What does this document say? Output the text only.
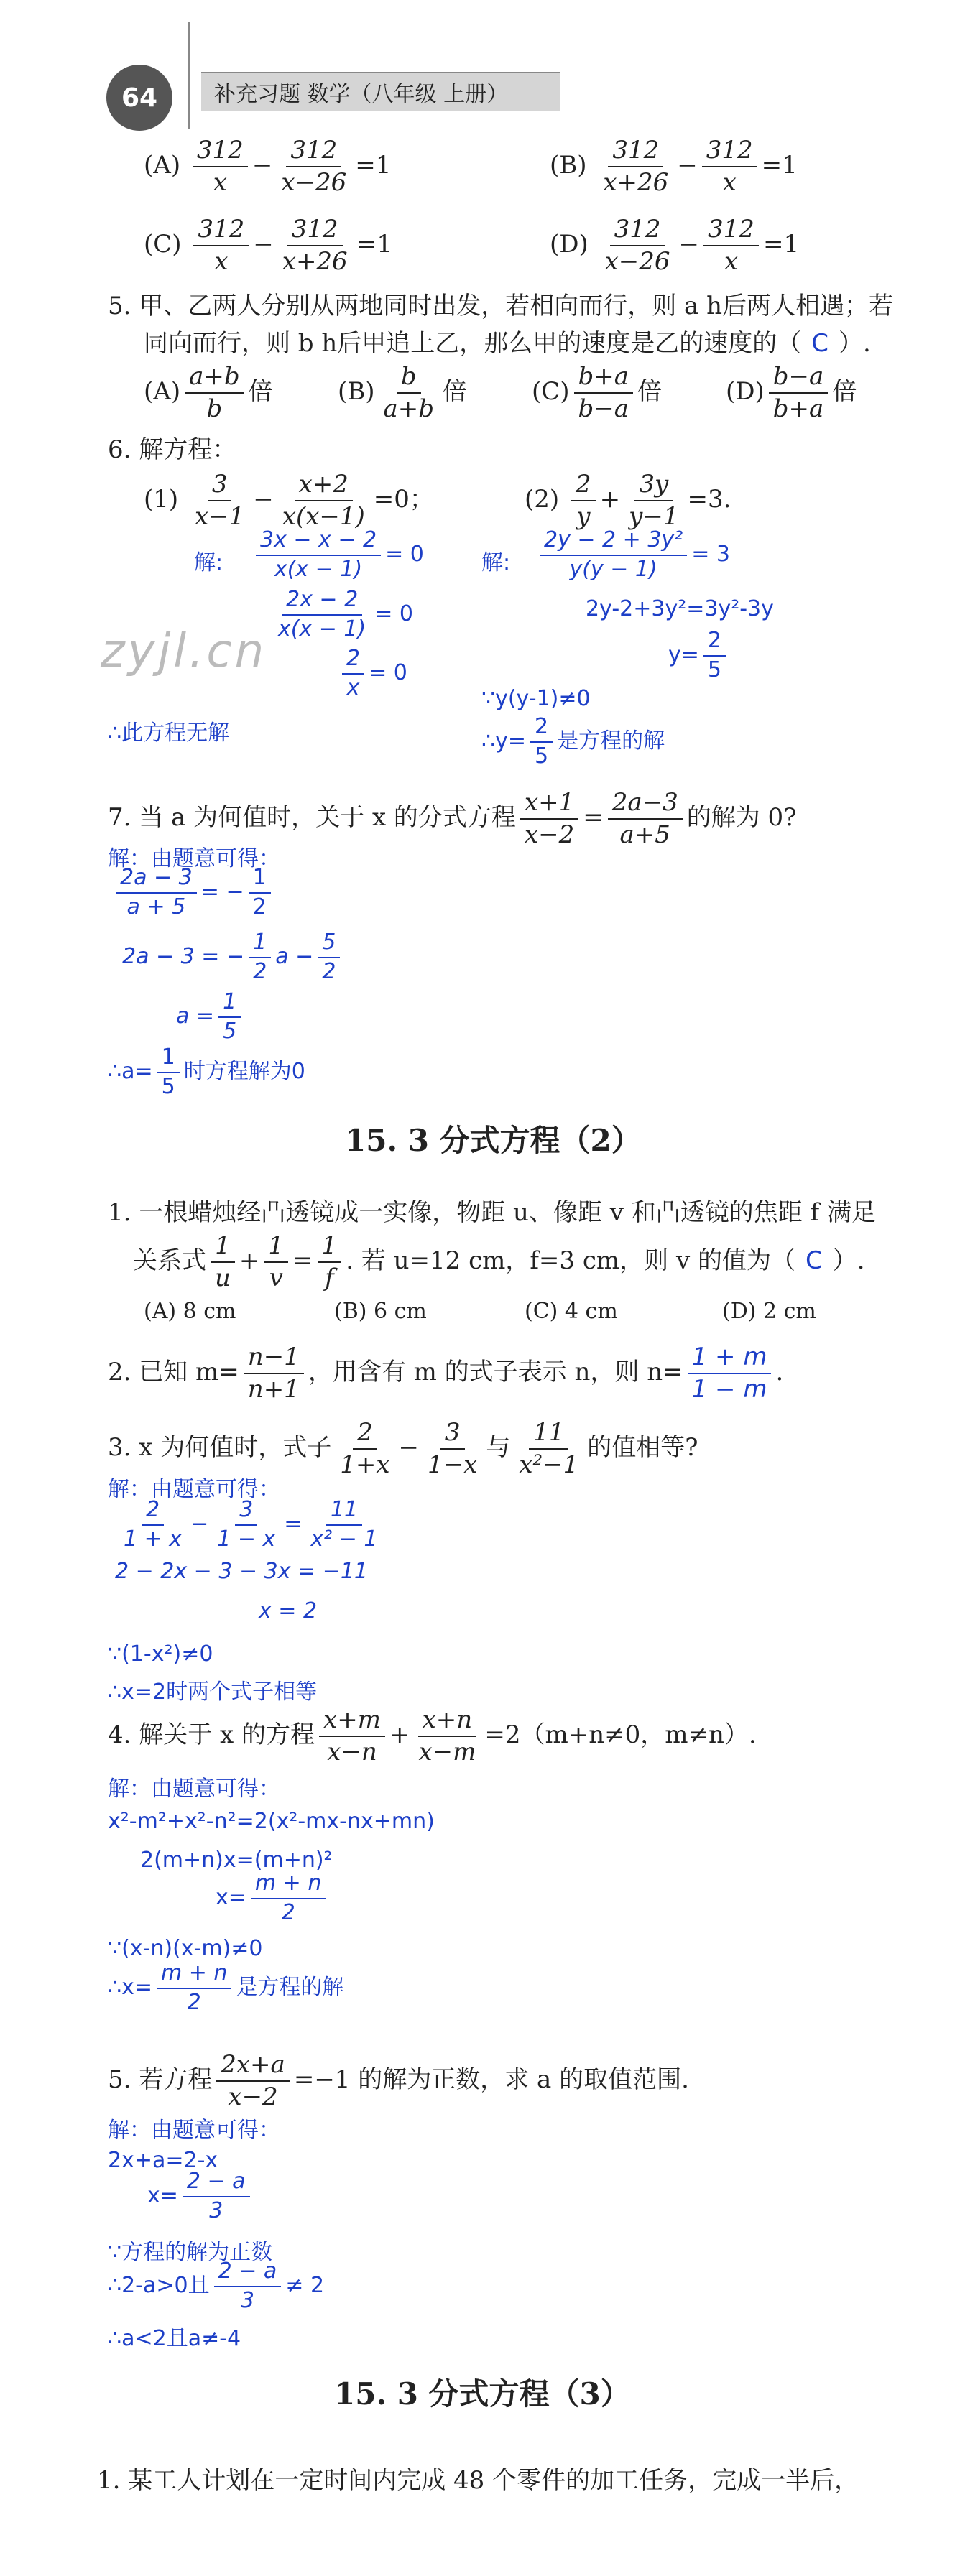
64	补充习题 数学（八年级 上册）
zyjl.cn
$(A) \frac{312}{x} - \frac{312}{x-26} =1$	$(B) \frac{312}{x+26} - \frac{312}{x} =1$
$(C) \frac{312}{x} - \frac{312}{x+26} =1$	$(D) \frac{312}{x-26} - \frac{312}{x} =1$
5. 甲、乙两人分别从两地同时出发，若相向而行，则 a h后两人相遇；若
同向而行，则 b h后甲追上乙，那么甲的速度是乙的速度的（ C ）.
$(A) \frac{a+b}{b}$ 倍	$(B) \frac{b}{a+b}$ 倍	$(C) \frac{b+a}{b-a}$ 倍	$(D) \frac{b-a}{b+a}$ 倍
6. 解方程：
$(1) \frac{3}{x-1} - \frac{x+2}{x(x-1)} =0$；	$(2) \frac{2}{y} + \frac{3y}{y-1} =3$.
解: $\frac{3x - x - 2}{x(x - 1)} = 0$
$\frac{2x - 2}{x(x - 1)} = 0$
$\frac{2}{x} = 0$
∴此方程无解
解: $\frac{\text{2y − 2 + 3y²}}{y(y - 1)} = 3$
2y-2+3y²=3y²-3y
$y= \frac{2}{5}$
∵y(y-1)≠0
∴y= $\frac{2}{5}$ 是方程的解
7. 当 a 为何值时，关于 x 的分式方程 $\frac{x+1}{x-2} = \frac{2a-3}{a+5}$ 的解为 0?
解：由题意可得：
$\frac{2a - 3}{a + 5}$ = − $\frac{1}{2}$
2a − 3 = − $\frac{1}{2}$ $a - \frac{5}{2}$
$a = \frac{1}{5}$
∴a= $\frac{1}{5}$ 时方程解为0
15. 3 分式方程（2）
1. 一根蜡烛经凸透镜成一实像，物距 u、像距 v 和凸透镜的焦距 f 满足
关系式 $\frac{1}{u} + \frac{1}{v} = \frac{1}{f}$ . 若 u=12 cm，f=3 cm，则 v 的值为（ C ）.
(A) 8 cm	(B) 6 cm	(C) 4 cm	(D) 2 cm
2. 已知 $m= \frac{n-1}{n+1}$ ，用含有 m 的式子表示 n，则 $n= \frac{1 + m}{1 - m}$ .
3. x 为何值时，式子 $\frac{2}{1+x} - \frac{3}{1-x}$ 与 $\frac{11}{\text{x²−1}}$ 的值相等?
解：由题意可得：
$\frac{2}{1 + x} - \frac{3}{1 - x} = \frac{11}{\text{x² − 1}}$
2 − 2x − 3 − 3x = −11
x = 2
∵(1-x²)≠0
∴x=2时两个式子相等
4. 解关于 x 的方程 $\frac{x+m}{x-n} + \frac{x+n}{x-m} =2(m+n\ne 0$，m≠n）.
解：由题意可得：
x²-m²+x²-n²=2(x²-mx-nx+mn)
2(m+n)x=(m+n)²
$x= \frac{m + n}{2}$
∵(x-n)(x-m)≠0
∴x= $\frac{m + n}{2}$ 是方程的解
5. 若方程 $\frac{2x+a}{x-2} =-1$ 的解为正数，求 a 的取值范围.
解：由题意可得：
2x+a=2-x
$x= \frac{2 - a}{3}$
∵方程的解为正数
∴2-a>0且 $\frac{2 - a}{3} \ne 2$
∴a<2且a≠-4
15. 3 分式方程（3）
1. 某工人计划在一定时间内完成 48 个零件的加工任务，完成一半后，
